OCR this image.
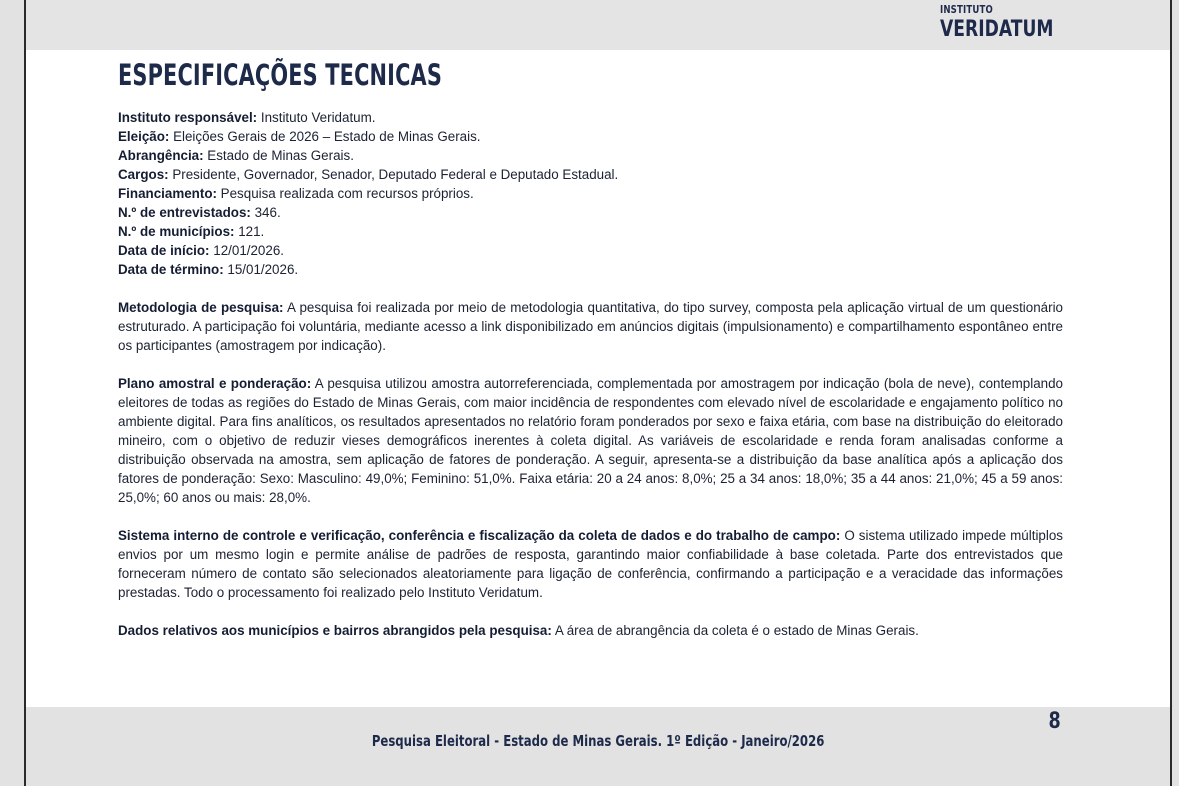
INSTITUTO
VERIDATUM
ESPECIFICAÇÕES TECNICAS

Instituto responsável: Instituto Veridatum.

Eleição: Eleições Gerais de 2026 – Estado de Minas Gerais.

Abrangência: Estado de Minas Gerais.

Cargos: Presidente, Governador, Senador, Deputado Federal e Deputado Estadual.

Financiamento: Pesquisa realizada com recursos próprios.

N.º de entrevistados: 346.

N.º de municípios: 121.

Data de início: 12/01/2026.

Data de término: 15/01/2026.

Metodologia de pesquisa: A pesquisa foi realizada por meio de metodologia quantitativa, do tipo survey, composta pela aplicação virtual de um questionário estruturado. A participação foi voluntária, mediante acesso a link disponibilizado em anúncios digitais (impulsionamento) e compartilhamento espontâneo entre os participantes (amostragem por indicação).

Plano amostral e ponderação: A pesquisa utilizou amostra autorreferenciada, complementada por amostragem por indicação (bola de neve), contemplando eleitores de todas as regiões do Estado de Minas Gerais, com maior incidência de respondentes com elevado nível de escolaridade e engajamento político no ambiente digital. Para fins analíticos, os resultados apresentados no relatório foram ponderados por sexo e faixa etária, com base na distribuição do eleitorado mineiro, com o objetivo de reduzir vieses demográficos inerentes à coleta digital. As variáveis de escolaridade e renda foram analisadas conforme a distribuição observada na amostra, sem aplicação de fatores de ponderação. A seguir, apresenta-se a distribuição da base analítica após a aplicação dos fatores de ponderação: Sexo: Masculino: 49,0%; Feminino: 51,0%. Faixa etária: 20 a 24 anos: 8,0%; 25 a 34 anos: 18,0%; 35 a 44 anos: 21,0%; 45 a 59 anos: 25,0%; 60 anos ou mais: 28,0%.

Sistema interno de controle e verificação, conferência e fiscalização da coleta de dados e do trabalho de campo: O sistema utilizado impede múltiplos envios por um mesmo login e permite análise de padrões de resposta, garantindo maior confiabilidade à base coletada. Parte dos entrevistados que forneceram número de contato são selecionados aleatoriamente para ligação de conferência, confirmando a participação e a veracidade das informações prestadas. Todo o processamento foi realizado pelo Instituto Veridatum.

Dados relativos aos municípios e bairros abrangidos pela pesquisa: A área de abrangência da coleta é o estado de Minas Gerais.

8
Pesquisa Eleitoral - Estado de Minas Gerais. 1º Edição - Janeiro/2026
